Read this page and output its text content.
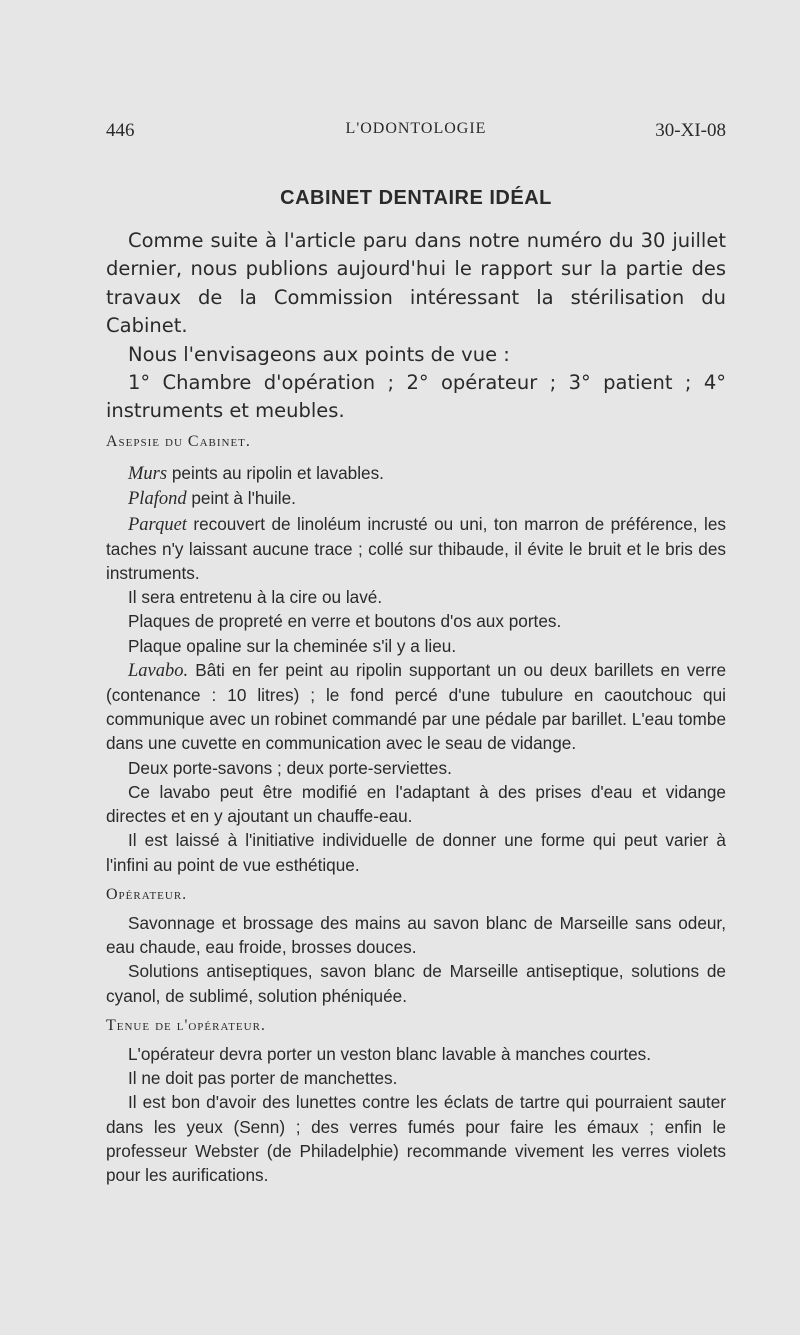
446	L'ODONTOLOGIE	30-XI-08
CABINET DENTAIRE IDÉAL

Comme suite à l'article paru dans notre numéro du 30 juillet dernier, nous publions aujourd'hui le rapport sur la partie des travaux de la Commission intéressant la stérilisation du Cabinet.

Nous l'envisageons aux points de vue :

1° Chambre d'opération ; 2° opérateur ; 3° patient ; 4° instruments et meubles.

Asepsie du Cabinet.

Murs peints au ripolin et lavables.

Plafond peint à l'huile.

Parquet recouvert de linoléum incrusté ou uni, ton marron de préférence, les taches n'y laissant aucune trace ; collé sur thibaude, il évite le bruit et le bris des instruments.

Il sera entretenu à la cire ou lavé.

Plaques de propreté en verre et boutons d'os aux portes.

Plaque opaline sur la cheminée s'il y a lieu.

Lavabo. Bâti en fer peint au ripolin supportant un ou deux barillets en verre (contenance : 10 litres) ; le fond percé d'une tubulure en caoutchouc qui communique avec un robinet commandé par une pédale par barillet. L'eau tombe dans une cuvette en communication avec le seau de vidange.

Deux porte-savons ; deux porte-serviettes.

Ce lavabo peut être modifié en l'adaptant à des prises d'eau et vidange directes et en y ajoutant un chauffe-eau.

Il est laissé à l'initiative individuelle de donner une forme qui peut varier à l'infini au point de vue esthétique.

Opérateur.

Savonnage et brossage des mains au savon blanc de Marseille sans odeur, eau chaude, eau froide, brosses douces.

Solutions antiseptiques, savon blanc de Marseille antiseptique, solutions de cyanol, de sublimé, solution phéniquée.

Tenue de l'opérateur.

L'opérateur devra porter un veston blanc lavable à manches courtes.

Il ne doit pas porter de manchettes.

Il est bon d'avoir des lunettes contre les éclats de tartre qui pourraient sauter dans les yeux (Senn) ; des verres fumés pour faire les émaux ; enfin le professeur Webster (de Philadelphie) recommande vivement les verres violets pour les aurifications.
